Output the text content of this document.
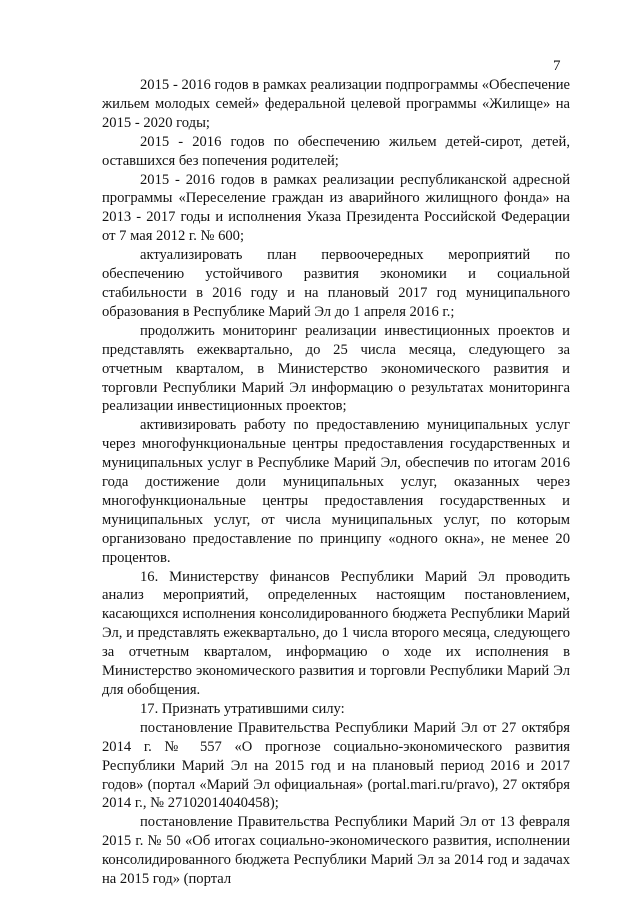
7
2015 - 2016 годов в рамках реализации подпрограммы «Обеспечение жильем молодых семей» федеральной целевой программы «Жилище» на 2015 - 2020 годы;
2015 - 2016 годов по обеспечению жильем детей-сирот, детей, оставшихся без попечения родителей;
2015 - 2016 годов в рамках реализации республиканской адресной программы «Переселение граждан из аварийного жилищного фонда» на 2013 - 2017 годы и исполнения Указа Президента Российской Федерации от 7 мая 2012 г. № 600;
актуализировать план первоочередных мероприятий по обеспечению устойчивого развития экономики и социальной стабильности в 2016 году и на плановый 2017 год муниципального образования в Республике Марий Эл до 1 апреля 2016 г.;
продолжить мониторинг реализации инвестиционных проектов и представлять ежеквартально, до 25 числа месяца, следующего за отчетным кварталом, в Министерство экономического развития и торговли Республики Марий Эл информацию о результатах мониторинга реализации инвестиционных проектов;
активизировать работу по предоставлению муниципальных услуг через многофункциональные центры предоставления государственных и муниципальных услуг в Республике Марий Эл, обеспечив по итогам 2016 года достижение доли муниципальных услуг, оказанных через многофункциональные центры предоставления государственных и муниципальных услуг, от числа муниципальных услуг, по которым организовано предоставление по принципу «одного окна», не менее 20 процентов.
16. Министерству финансов Республики Марий Эл проводить анализ мероприятий, определенных настоящим постановлением, касающихся исполнения консолидированного бюджета Республики Марий Эл, и представлять ежеквартально, до 1 числа второго месяца, следующего за отчетным кварталом, информацию о ходе их исполнения в Министерство экономического развития и торговли Республики Марий Эл для обобщения.
17. Признать утратившими силу:
постановление Правительства Республики Марий Эл от 27 октября 2014 г. № 557 «О прогнозе социально-экономического развития Республики Марий Эл на 2015 год и на плановый период 2016 и 2017 годов» (портал «Марий Эл официальная» (portal.mari.ru/pravo), 27 октября 2014 г., № 27102014040458);
постановление Правительства Республики Марий Эл от 13 февраля 2015 г. № 50 «Об итогах социально-экономического развития, исполнении консолидированного бюджета Республики Марий Эл за 2014 год и задачах на 2015 год» (портал
